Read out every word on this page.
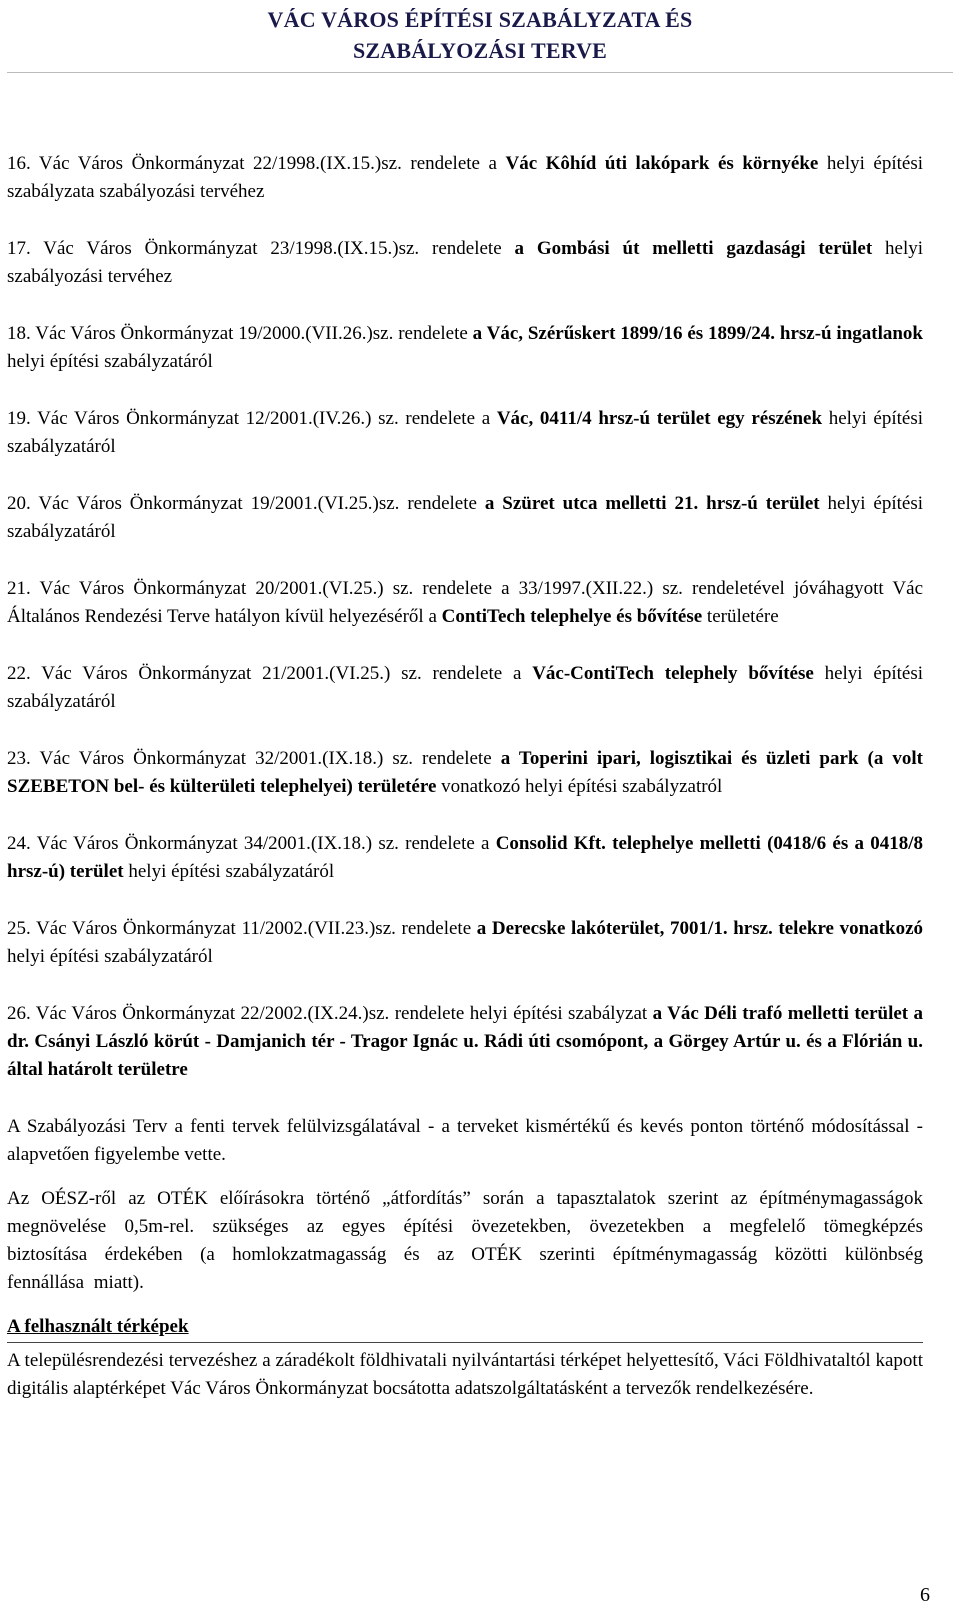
VÁC VÁROS ÉPÍTÉSI SZABÁLYZATA ÉS
SZABÁLYOZÁSI TERVE

16. Vác Város Önkormányzat 22/1998.(IX.15.)sz. rendelete a Vác Kôhíd úti lakópark és környéke helyi építési szabályzata szabályozási tervéhez

17. Vác Város Önkormányzat 23/1998.(IX.15.)sz. rendelete a Gombási út melletti gazdasági terület helyi szabályozási tervéhez

18. Vác Város Önkormányzat 19/2000.(VII.26.)sz. rendelete a Vác, Szérűskert 1899/16 és 1899/24. hrsz-ú ingatlanok helyi építési szabályzatáról

19. Vác Város Önkormányzat 12/2001.(IV.26.) sz. rendelete a Vác, 0411/4 hrsz-ú terület egy részének helyi építési szabályzatáról

20. Vác Város Önkormányzat 19/2001.(VI.25.)sz. rendelete a Szüret utca melletti 21. hrsz-ú terület helyi építési szabályzatáról

21. Vác Város Önkormányzat 20/2001.(VI.25.) sz. rendelete a 33/1997.(XII.22.) sz. rendeletével jóváhagyott Vác Általános Rendezési Terve hatályon kívül helyezéséről a ContiTech telephelye és bővítése területére

22. Vác Város Önkormányzat 21/2001.(VI.25.) sz. rendelete a Vác-ContiTech telephely bővítése helyi építési szabályzatáról

23. Vác Város Önkormányzat 32/2001.(IX.18.) sz. rendelete a Toperini ipari, logisztikai és üzleti park (a volt SZEBETON bel- és külterületi telephelyei) területére vonatkozó helyi építési szabályzatról

24. Vác Város Önkormányzat 34/2001.(IX.18.) sz. rendelete a Consolid Kft. telephelye melletti (0418/6 és a 0418/8 hrsz-ú) terület helyi építési szabályzatáról

25. Vác Város Önkormányzat 11/2002.(VII.23.)sz. rendelete a Derecske lakóterület, 7001/1. hrsz. telekre vonatkozó helyi építési szabályzatáról

26. Vác Város Önkormányzat 22/2002.(IX.24.)sz. rendelete helyi építési szabályzat a Vác Déli trafó melletti terület a dr. Csányi László körút - Damjanich tér - Tragor Ignác u. Rádi úti csomópont, a Görgey Artúr u. és a Flórián u. által határolt területre

A Szabályozási Terv a fenti tervek felülvizsgálatával - a terveket kismértékű és kevés ponton történő módosítással - alapvetően figyelembe vette.

Az OÉSZ-ről az OTÉK előírásokra történő „átfordítás” során a tapasztalatok szerint az építménymagasságok megnövelése 0,5m-rel. szükséges az egyes építési övezetekben, övezetekben a megfelelő tömegképzés biztosítása érdekében (a homlokzatmagasság és az OTÉK szerinti építménymagasság közötti különbség fennállása miatt).

A felhasznált térképek

A településrendezési tervezéshez a záradékolt földhivatali nyilvántartási térképet helyettesítő, Váci Földhivataltól kapott digitális alaptérképet Vác Város Önkormányzat bocsátotta adatszolgáltatásként a tervezők rendelkezésére.

6
